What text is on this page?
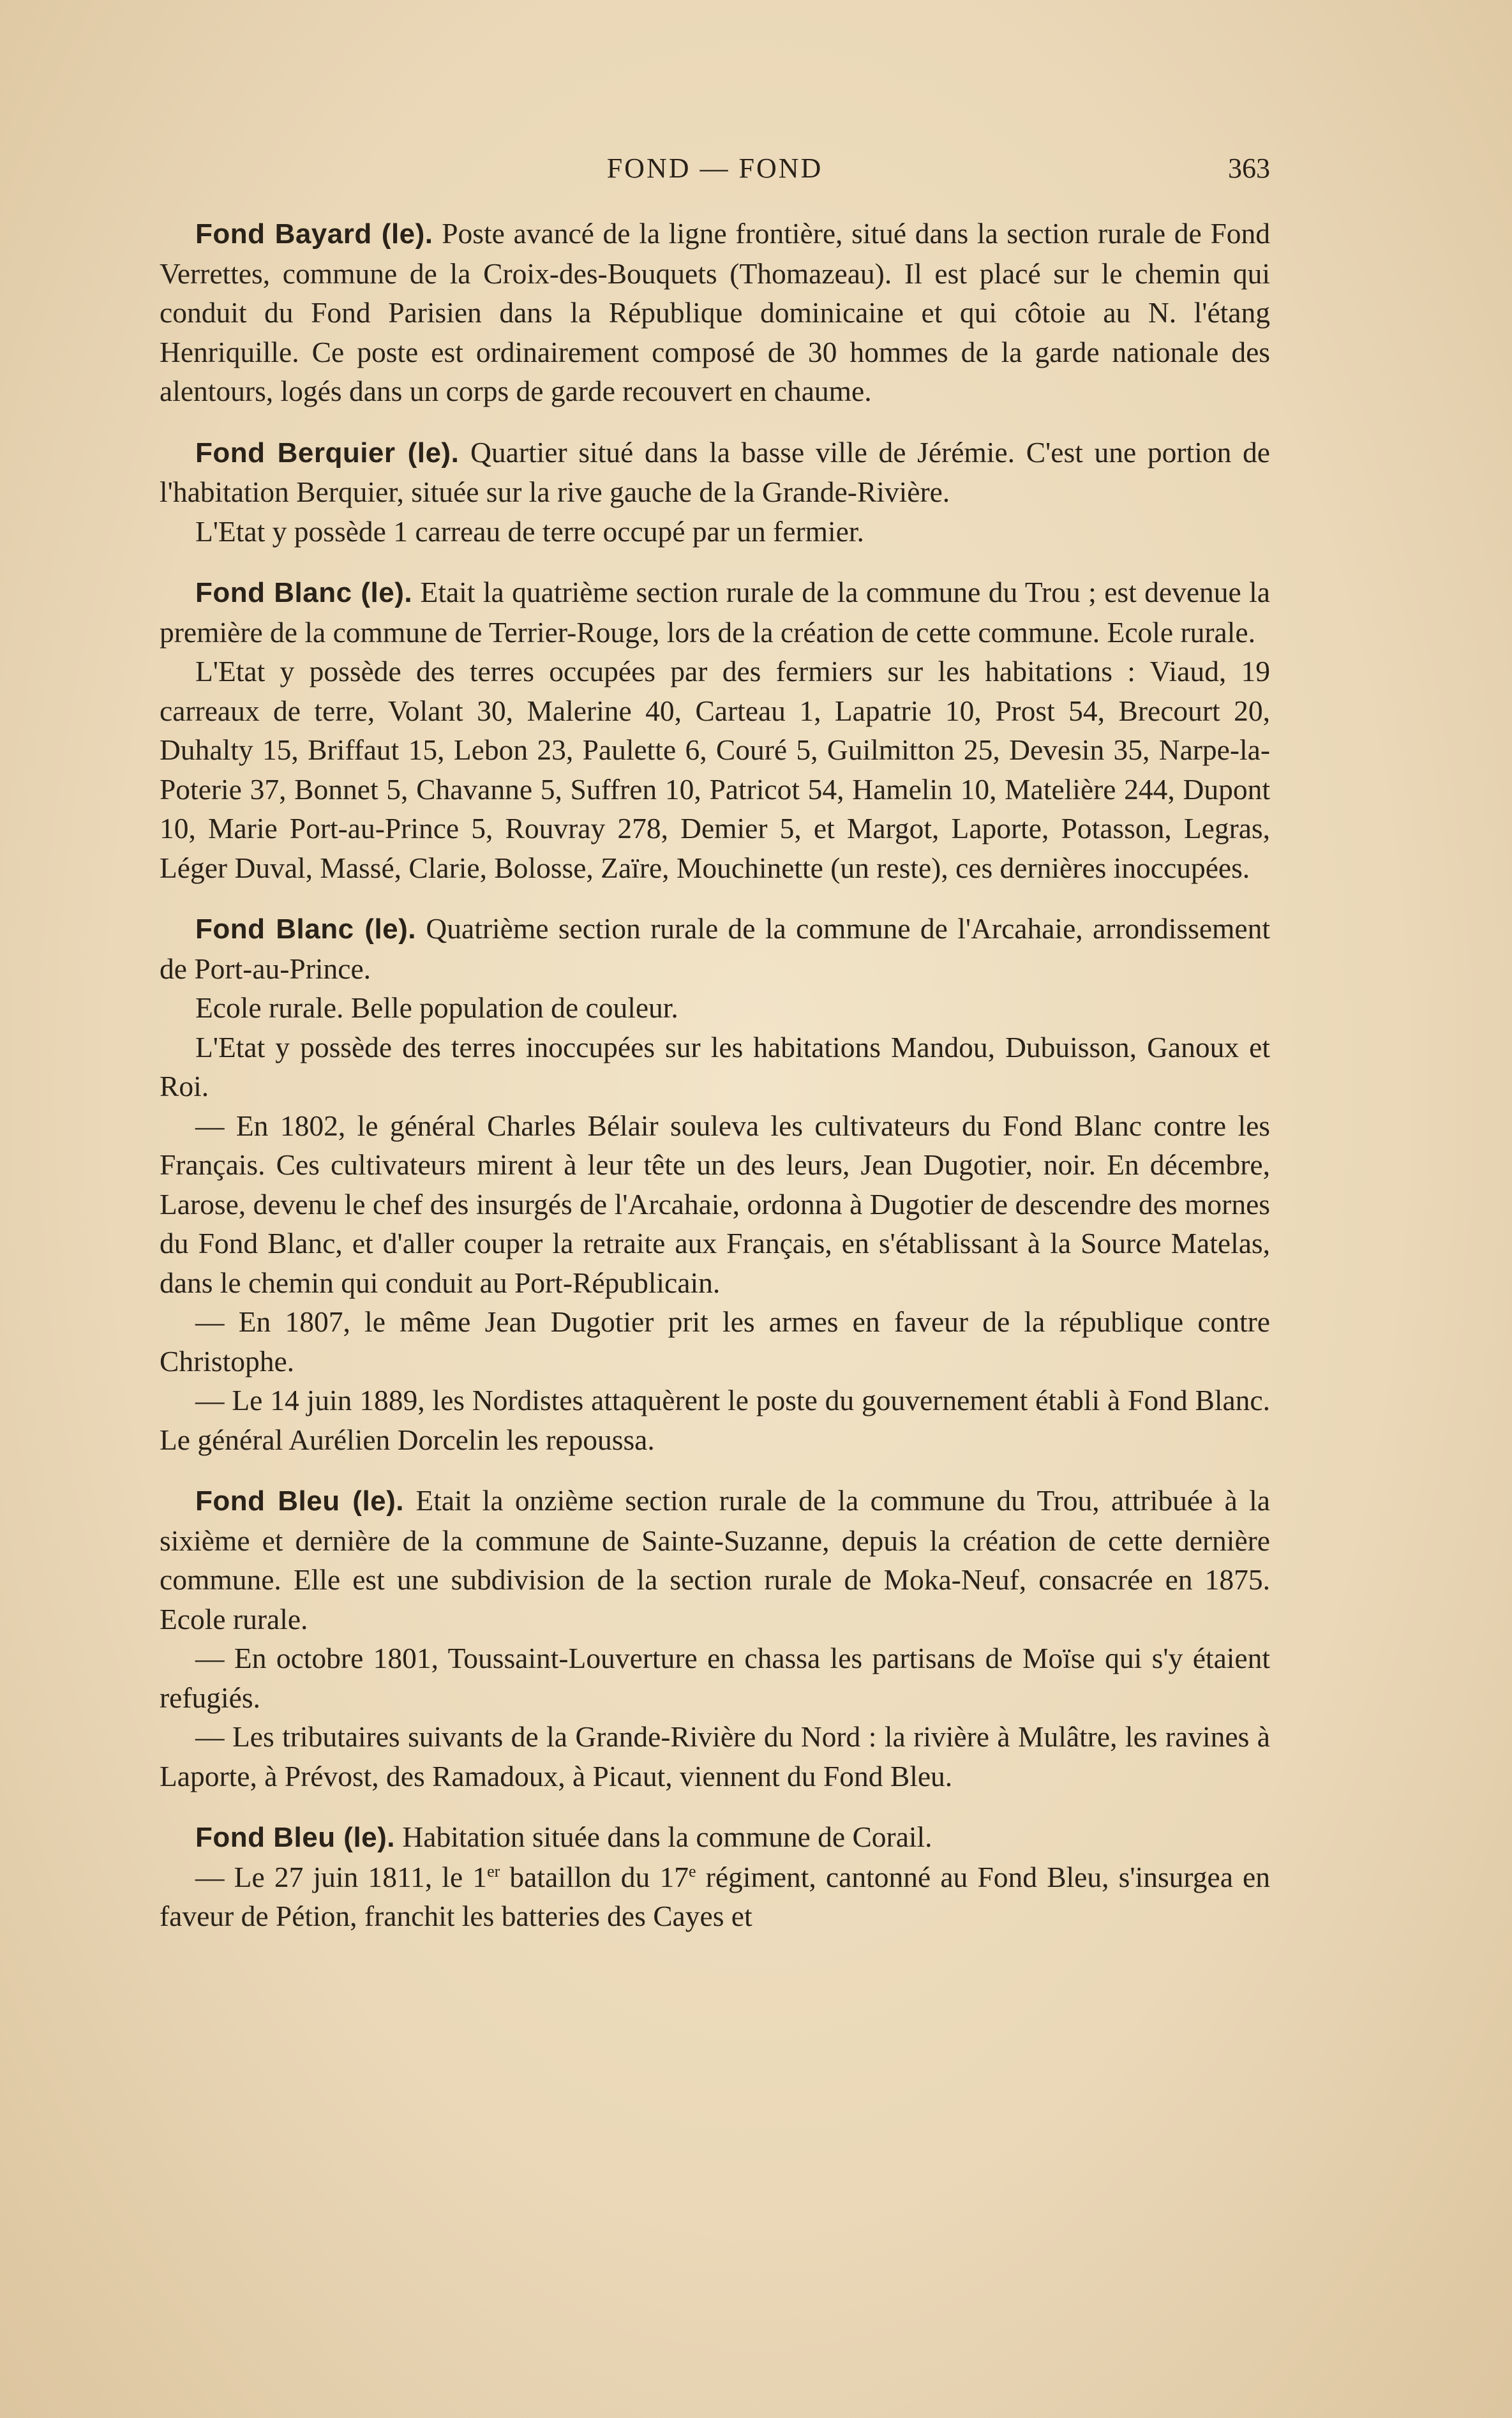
FOND — FOND	363

Fond Bayard (le). Poste avancé de la ligne frontière, situé dans la section rurale de Fond Verrettes, commune de la Croix-des-Bouquets (Thomazeau). Il est placé sur le chemin qui conduit du Fond Parisien dans la République dominicaine et qui côtoie au N. l'étang Henriquille. Ce poste est ordinairement composé de 30 hommes de la garde nationale des alentours, logés dans un corps de garde recouvert en chaume.

Fond Berquier (le). Quartier situé dans la basse ville de Jérémie. C'est une portion de l'habitation Berquier, située sur la rive gauche de la Grande-Rivière.

L'Etat y possède 1 carreau de terre occupé par un fermier.

Fond Blanc (le). Etait la quatrième section rurale de la commune du Trou ; est devenue la première de la commune de Terrier-Rouge, lors de la création de cette commune. Ecole rurale.

L'Etat y possède des terres occupées par des fermiers sur les habitations : Viaud, 19 carreaux de terre, Volant 30, Malerine 40, Carteau 1, Lapatrie 10, Prost 54, Brecourt 20, Duhalty 15, Briffaut 15, Lebon 23, Paulette 6, Couré 5, Guilmitton 25, Devesin 35, Narpe-la-Poterie 37, Bonnet 5, Chavanne 5, Suffren 10, Patricot 54, Hamelin 10, Matelière 244, Dupont 10, Marie Port-au-Prince 5, Rouvray 278, Demier 5, et Margot, Laporte, Potasson, Legras, Léger Duval, Massé, Clarie, Bolosse, Zaïre, Mouchinette (un reste), ces dernières inoccupées.

Fond Blanc (le). Quatrième section rurale de la commune de l'Arcahaie, arrondissement de Port-au-Prince.

Ecole rurale. Belle population de couleur.

L'Etat y possède des terres inoccupées sur les habitations Mandou, Dubuisson, Ganoux et Roi.

— En 1802, le général Charles Bélair souleva les cultivateurs du Fond Blanc contre les Français. Ces cultivateurs mirent à leur tête un des leurs, Jean Dugotier, noir. En décembre, Larose, devenu le chef des insurgés de l'Arcahaie, ordonna à Dugotier de descendre des mornes du Fond Blanc, et d'aller couper la retraite aux Français, en s'établissant à la Source Matelas, dans le chemin qui conduit au Port-Républicain.

— En 1807, le même Jean Dugotier prit les armes en faveur de la république contre Christophe.

— Le 14 juin 1889, les Nordistes attaquèrent le poste du gouvernement établi à Fond Blanc. Le général Aurélien Dorcelin les repoussa.

Fond Bleu (le). Etait la onzième section rurale de la commune du Trou, attribuée à la sixième et dernière de la commune de Sainte-Suzanne, depuis la création de cette dernière commune. Elle est une subdivision de la section rurale de Moka-Neuf, consacrée en 1875. Ecole rurale.

— En octobre 1801, Toussaint-Louverture en chassa les partisans de Moïse qui s'y étaient refugiés.

— Les tributaires suivants de la Grande-Rivière du Nord : la rivière à Mulâtre, les ravines à Laporte, à Prévost, des Ramadoux, à Picaut, viennent du Fond Bleu.

Fond Bleu (le). Habitation située dans la commune de Corail.

— Le 27 juin 1811, le 1er bataillon du 17e régiment, cantonné au Fond Bleu, s'insurgea en faveur de Pétion, franchit les batteries des Cayes et
